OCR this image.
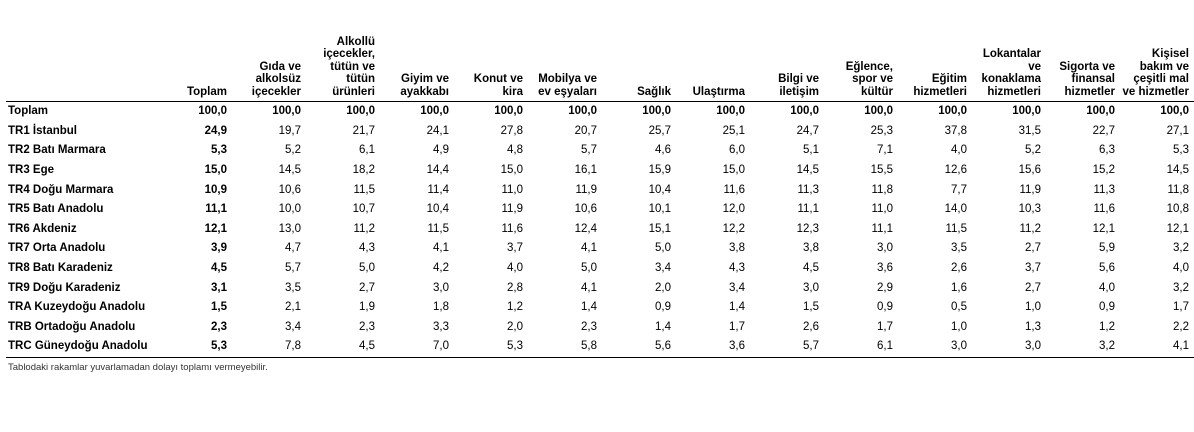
	Toplam	Gıda ve alkolsüz içecekler	Alkollü içecekler, tütün ve tütün ürünleri	Giyim ve ayakkabı	Konut ve kira	Mobilya ve ev eşyaları	Sağlık	Ulaştırma	Bilgi ve iletişim	Eğlence, spor ve kültür	Eğitim hizmetleri	Lokantalar ve konaklama hizmetleri	Sigorta ve finansal hizmetler	Kişisel bakım ve çeşitli mal ve hizmetler
Toplam	100,0	100,0	100,0	100,0	100,0	100,0	100,0	100,0	100,0	100,0	100,0	100,0	100,0	100,0
TR1 İstanbul	24,9	19,7	21,7	24,1	27,8	20,7	25,7	25,1	24,7	25,3	37,8	31,5	22,7	27,1
TR2 Batı Marmara	5,3	5,2	6,1	4,9	4,8	5,7	4,6	6,0	5,1	7,1	4,0	5,2	6,3	5,3
TR3 Ege	15,0	14,5	18,2	14,4	15,0	16,1	15,9	15,0	14,5	15,5	12,6	15,6	15,2	14,5
TR4 Doğu Marmara	10,9	10,6	11,5	11,4	11,0	11,9	10,4	11,6	11,3	11,8	7,7	11,9	11,3	11,8
TR5 Batı Anadolu	11,1	10,0	10,7	10,4	11,9	10,6	10,1	12,0	11,1	11,0	14,0	10,3	11,6	10,8
TR6 Akdeniz	12,1	13,0	11,2	11,5	11,6	12,4	15,1	12,2	12,3	11,1	11,5	11,2	12,1	12,1
TR7 Orta Anadolu	3,9	4,7	4,3	4,1	3,7	4,1	5,0	3,8	3,8	3,0	3,5	2,7	5,9	3,2
TR8 Batı Karadeniz	4,5	5,7	5,0	4,2	4,0	5,0	3,4	4,3	4,5	3,6	2,6	3,7	5,6	4,0
TR9 Doğu Karadeniz	3,1	3,5	2,7	3,0	2,8	4,1	2,0	3,4	3,0	2,9	1,6	2,7	4,0	3,2
TRA Kuzeydoğu Anadolu	1,5	2,1	1,9	1,8	1,2	1,4	0,9	1,4	1,5	0,9	0,5	1,0	0,9	1,7
TRB Ortadoğu Anadolu	2,3	3,4	2,3	3,3	2,0	2,3	1,4	1,7	2,6	1,7	1,0	1,3	1,2	2,2
TRC Güneydoğu Anadolu	5,3	7,8	4,5	7,0	5,3	5,8	5,6	3,6	5,7	6,1	3,0	3,0	3,2	4,1
Tablodaki rakamlar yuvarlamadan dolayı toplamı vermeyebilir.
